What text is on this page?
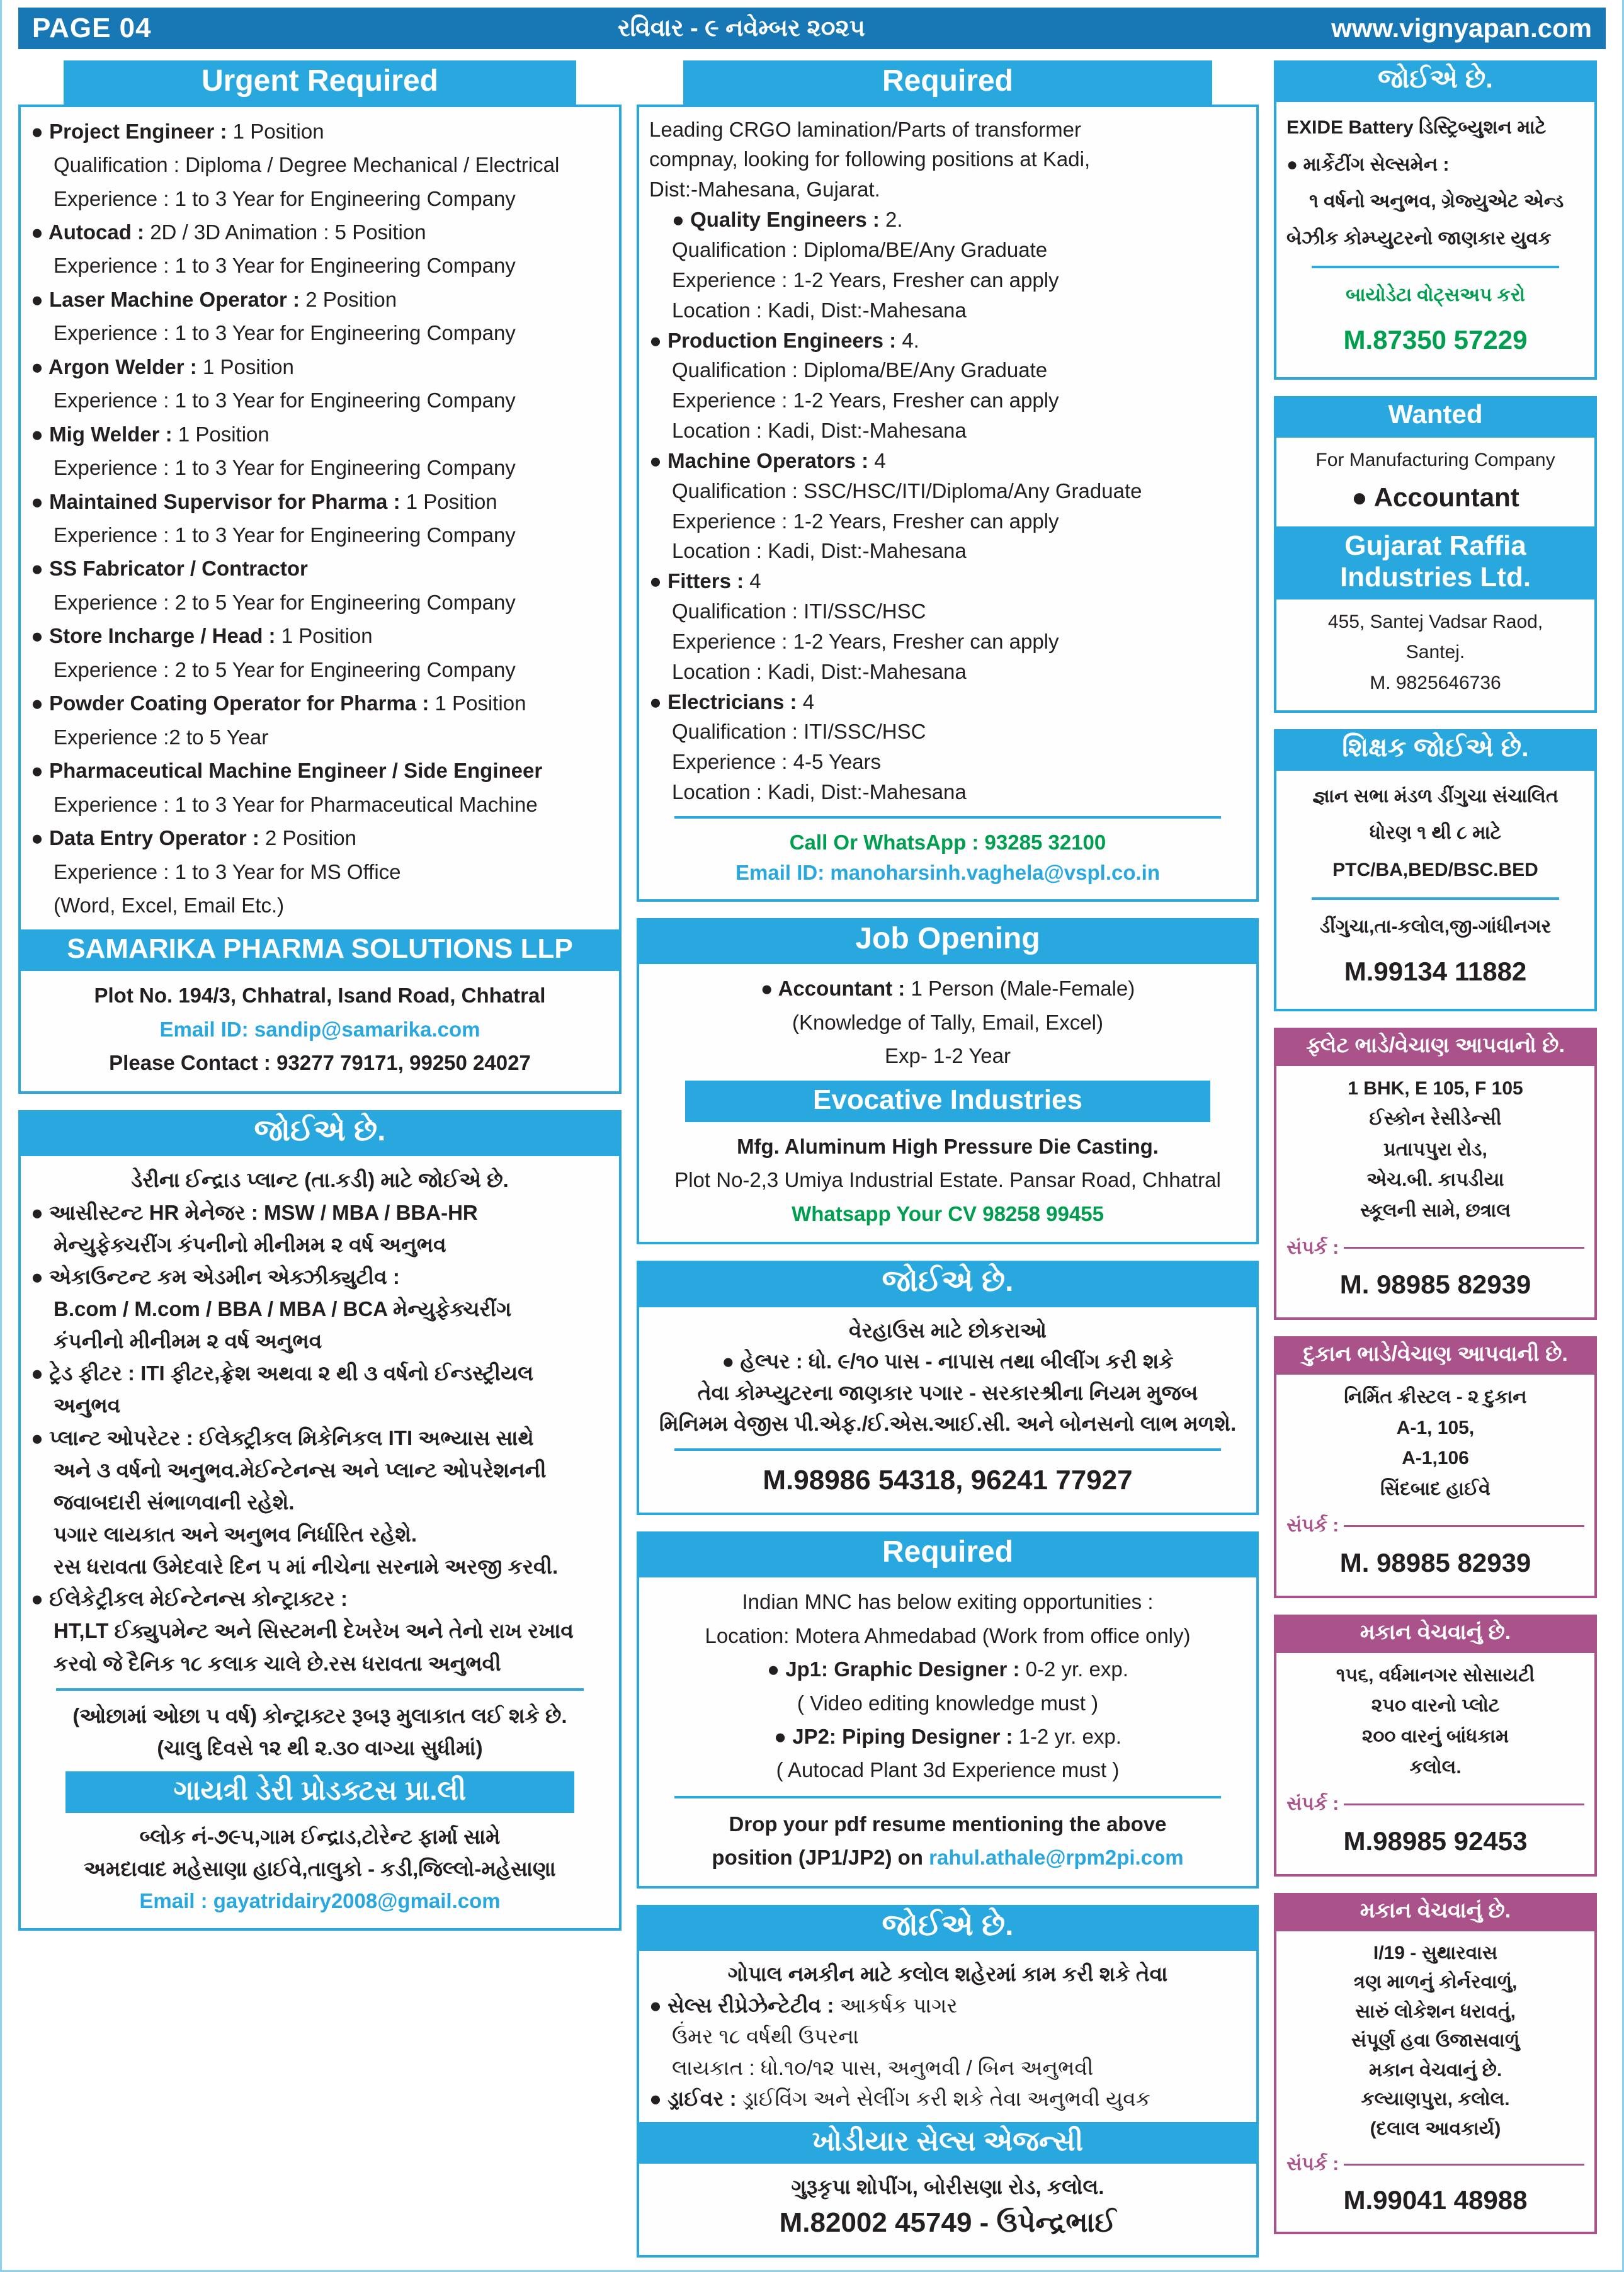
PAGE 04	રવિવાર - ૯ નવેમ્બર ૨૦૨૫	www.vignyapan.com
Urgent Required
● Project Engineer : 1 Position
Qualification : Diploma / Degree Mechanical / Electrical
Experience : 1 to 3 Year for Engineering Company
● Autocad : 2D / 3D Animation : 5 Position
Experience : 1 to 3 Year for Engineering Company
● Laser Machine Operator : 2 Position
Experience : 1 to 3 Year for Engineering Company
● Argon Welder : 1 Position
Experience : 1 to 3 Year for Engineering Company
● Mig Welder : 1 Position
Experience : 1 to 3 Year for Engineering Company
● Maintained Supervisor for Pharma : 1 Position
Experience : 1 to 3 Year for Engineering Company
● SS Fabricator / Contractor
Experience : 2 to 5 Year for Engineering Company
● Store Incharge / Head : 1 Position
Experience : 2 to 5 Year for Engineering Company
● Powder Coating Operator for Pharma : 1 Position
Experience :2 to 5 Year
● Pharmaceutical Machine Engineer / Side Engineer
Experience : 1 to 3 Year for Pharmaceutical Machine
● Data Entry Operator : 2 Position
Experience : 1 to 3 Year for MS Office
(Word, Excel, Email Etc.)
SAMARIKA PHARMA SOLUTIONS LLP
Plot No. 194/3, Chhatral, Isand Road, Chhatral
Email ID: sandip@samarika.com
Please Contact : 93277 79171, 99250 24027
જોઈએ છે.
ડેરીના ઈન્દ્રાડ પ્લાન્ટ (તા.કડી) માટે જોઈએ છે.
● આસીસ્ટન્ટ HR મેનેજર : MSW / MBA / BBA-HR
મેન્યુફેક્ચરીંગ કંપનીનો મીનીમમ ૨ વર્ષ અનુભવ
● એકાઉન્ટન્ટ કમ એડમીન એક્ઝીક્યુટીવ :
B.com / M.com / BBA / MBA / BCA મેન્યુફેક્ચરીંગ
કંપનીનો મીનીમમ ૨ વર્ષ અનુભવ
● ટ્રેડ ફીટર : ITI ફીટર,ફ્રેશ અથવા ૨ થી ૩ વર્ષનો ઈન્ડસ્ટ્રીયલ
અનુભવ
● પ્લાન્ટ ઓપરેટર : ઈલેક્ટ્રીકલ મિકેનિકલ ITI અભ્યાસ સાથે
અને ૩ વર્ષનો અનુભવ.મેઈન્ટેનન્સ અને પ્લાન્ટ ઓપરેશનની
જવાબદારી સંભાળવાની રહેશે.
પગાર લાયકાત અને અનુભવ નિર્ધારિત રહેશે.
રસ ધરાવતા ઉમેદવારે દિન ૫ માં નીચેના સરનામે અરજી કરવી.
● ઈલેકેટ્રીકલ મેઈન્ટેનન્સ કોન્ટ્રાક્ટર :
HT,LT ઈક્યુપમેન્ટ અને સિસ્ટમની દેખરેખ અને તેનો રાખ રખાવ
કરવો જે દૈનિક ૧૮ કલાક ચાલે છે.રસ ધરાવતા અનુભવી
(ઓછામાં ઓછા ૫ વર્ષ) કોન્ટ્રાક્ટર રૂબરૂ મુલાકાત લઈ શકે છે.
(ચાલુ દિવસે ૧૨ થી ૨.૩૦ વાગ્યા સુધીમાં)
ગાયત્રી ડેરી પ્રોડક્ટસ પ્રા.લી
બ્લોક નં-૭૯૫,ગામ ઈન્દ્રાડ,ટોરેન્ટ ફાર્મા સામે
અમદાવાદ મહેસાણા હાઈવે,તાલુકો - કડી,જિલ્લો-મહેસાણા
Email : gayatridairy2008@gmail.com
Required
Leading CRGO lamination/Parts of transformer
compnay, looking for following positions at Kadi,
Dist:-Mahesana, Gujarat.
● Quality Engineers : 2.
Qualification : Diploma/BE/Any Graduate
Experience : 1-2 Years, Fresher can apply
Location : Kadi, Dist:-Mahesana
● Production Engineers : 4.
Qualification : Diploma/BE/Any Graduate
Experience : 1-2 Years, Fresher can apply
Location : Kadi, Dist:-Mahesana
● Machine Operators : 4
Qualification : SSC/HSC/ITI/Diploma/Any Graduate
Experience : 1-2 Years, Fresher can apply
Location : Kadi, Dist:-Mahesana
● Fitters : 4
Qualification : ITI/SSC/HSC
Experience : 1-2 Years, Fresher can apply
Location : Kadi, Dist:-Mahesana
● Electricians : 4
Qualification : ITI/SSC/HSC
Experience : 4-5 Years
Location : Kadi, Dist:-Mahesana
Call Or WhatsApp : 93285 32100
Email ID: manoharsinh.vaghela@vspl.co.in
Job Opening
● Accountant : 1 Person (Male-Female)
(Knowledge of Tally, Email, Excel)
Exp- 1-2 Year
Evocative Industries
Mfg. Aluminum High Pressure Die Casting.
Plot No-2,3 Umiya Industrial Estate. Pansar Road, Chhatral
Whatsapp Your CV 98258 99455
જોઈએ છે.
વેરહાઉસ માટે છોકરાઓ
● હેલ્પર : ધો. ૯/૧૦ પાસ - નાપાસ તથા બીલીંગ કરી શકે
તેવા કોમ્પ્યુટરના જાણકાર પગાર - સરકારશ્રીના નિયમ મુજબ
મિનિમમ વેજીસ પી.એફ./ઈ.એસ.આઈ.સી. અને બોનસનો લાભ મળશે.
M.98986 54318, 96241 77927
Required
Indian MNC has below exiting opportunities :
Location: Motera Ahmedabad (Work from office only)
● Jp1: Graphic Designer : 0-2 yr. exp.
( Video editing knowledge must )
● JP2: Piping Designer : 1-2 yr. exp.
( Autocad Plant 3d Experience must )
Drop your pdf resume mentioning the above
position (JP1/JP2) on rahul.athale@rpm2pi.com
જોઈએ છે.
ગોપાલ નમકીન માટે કલોલ શહેરમાં કામ કરી શકે તેવા
● સેલ્સ રીપ્રેઝેન્ટેટીવ : આકર્ષક પાગર
ઉંમર ૧૮ વર્ષથી ઉપરના
લાયકાત : ધો.૧૦/૧૨ પાસ, અનુભવી / બિન અનુભવી
● ડ્રાઈવર : ડ્રાઈવિંગ અને સેલીંગ કરી શકે તેવા અનુભવી યુવક
ખોડીયાર સેલ્સ એજન્સી
ગુરૂકૃપા શોપીંગ, બોરીસણા રોડ, કલોલ.
M.82002 45749 - ઉપેન્દ્રભાઈ
જોઈએ છે.
EXIDE Battery ડિસ્ટ્રિબ્યુશન માટે
● માર્કેટીંગ સેલ્સમેન :
૧ વર્ષનો અનુભવ, ગ્રેજ્યુએટ એન્ડ
બેઝીક કોમ્પ્યુટરનો જાણકાર યુવક
બાયોડેટા વોટ્સઅપ કરો
M.87350 57229
Wanted
For Manufacturing Company
● Accountant
Gujarat Raffia Industries Ltd.
455, Santej Vadsar Raod,
Santej.
M. 9825646736
શિક્ષક જોઈએ છે.
જ્ઞાન સભા મંડળ ડીંગુચા સંચાલિત
ધોરણ ૧ થી ૮ માટે
PTC/BA,BED/BSC.BED
ડીંગુચા,તા-કલોલ,જી-ગાંધીનગર
M.99134 11882
ફ્લેટ ભાડે/વેચાણ આપવાનો છે.
1 BHK, E 105, F 105
ઈસ્કોન રેસીડેન્સી
પ્રતાપપુરા રોડ,
એચ.બી. કાપડીયા
સ્કૂલની સામે, છત્રાલ
સંપર્ક :
M. 98985 82939
દુકાન ભાડે/વેચાણ આપવાની છે.
નિર્મિત ક્રીસ્ટલ - ૨ દુકાન
A-1, 105,
A-1,106
સિંદબાદ હાઈવે
સંપર્ક :
M. 98985 82939
મકાન વેચવાનું છે.
૧૫૬, વર્ધમાનગર સોસાયટી
૨૫૦ વારનો પ્લોટ
૨૦૦ વારનું બાંધકામ
કલોલ.
સંપર્ક :
M.98985 92453
મકાન વેચવાનું છે.
I/19 - સુથારવાસ
ત્રણ માળનું કોર્નરવાળું,
સારું લોકેશન ધરાવતું,
સંપૂર્ણ હવા ઉજાસવાળું
મકાન વેચવાનું છે.
કલ્યાણપુરા, કલોલ.
(દલાલ આવકાર્ય)
સંપર્ક :
M.99041 48988
